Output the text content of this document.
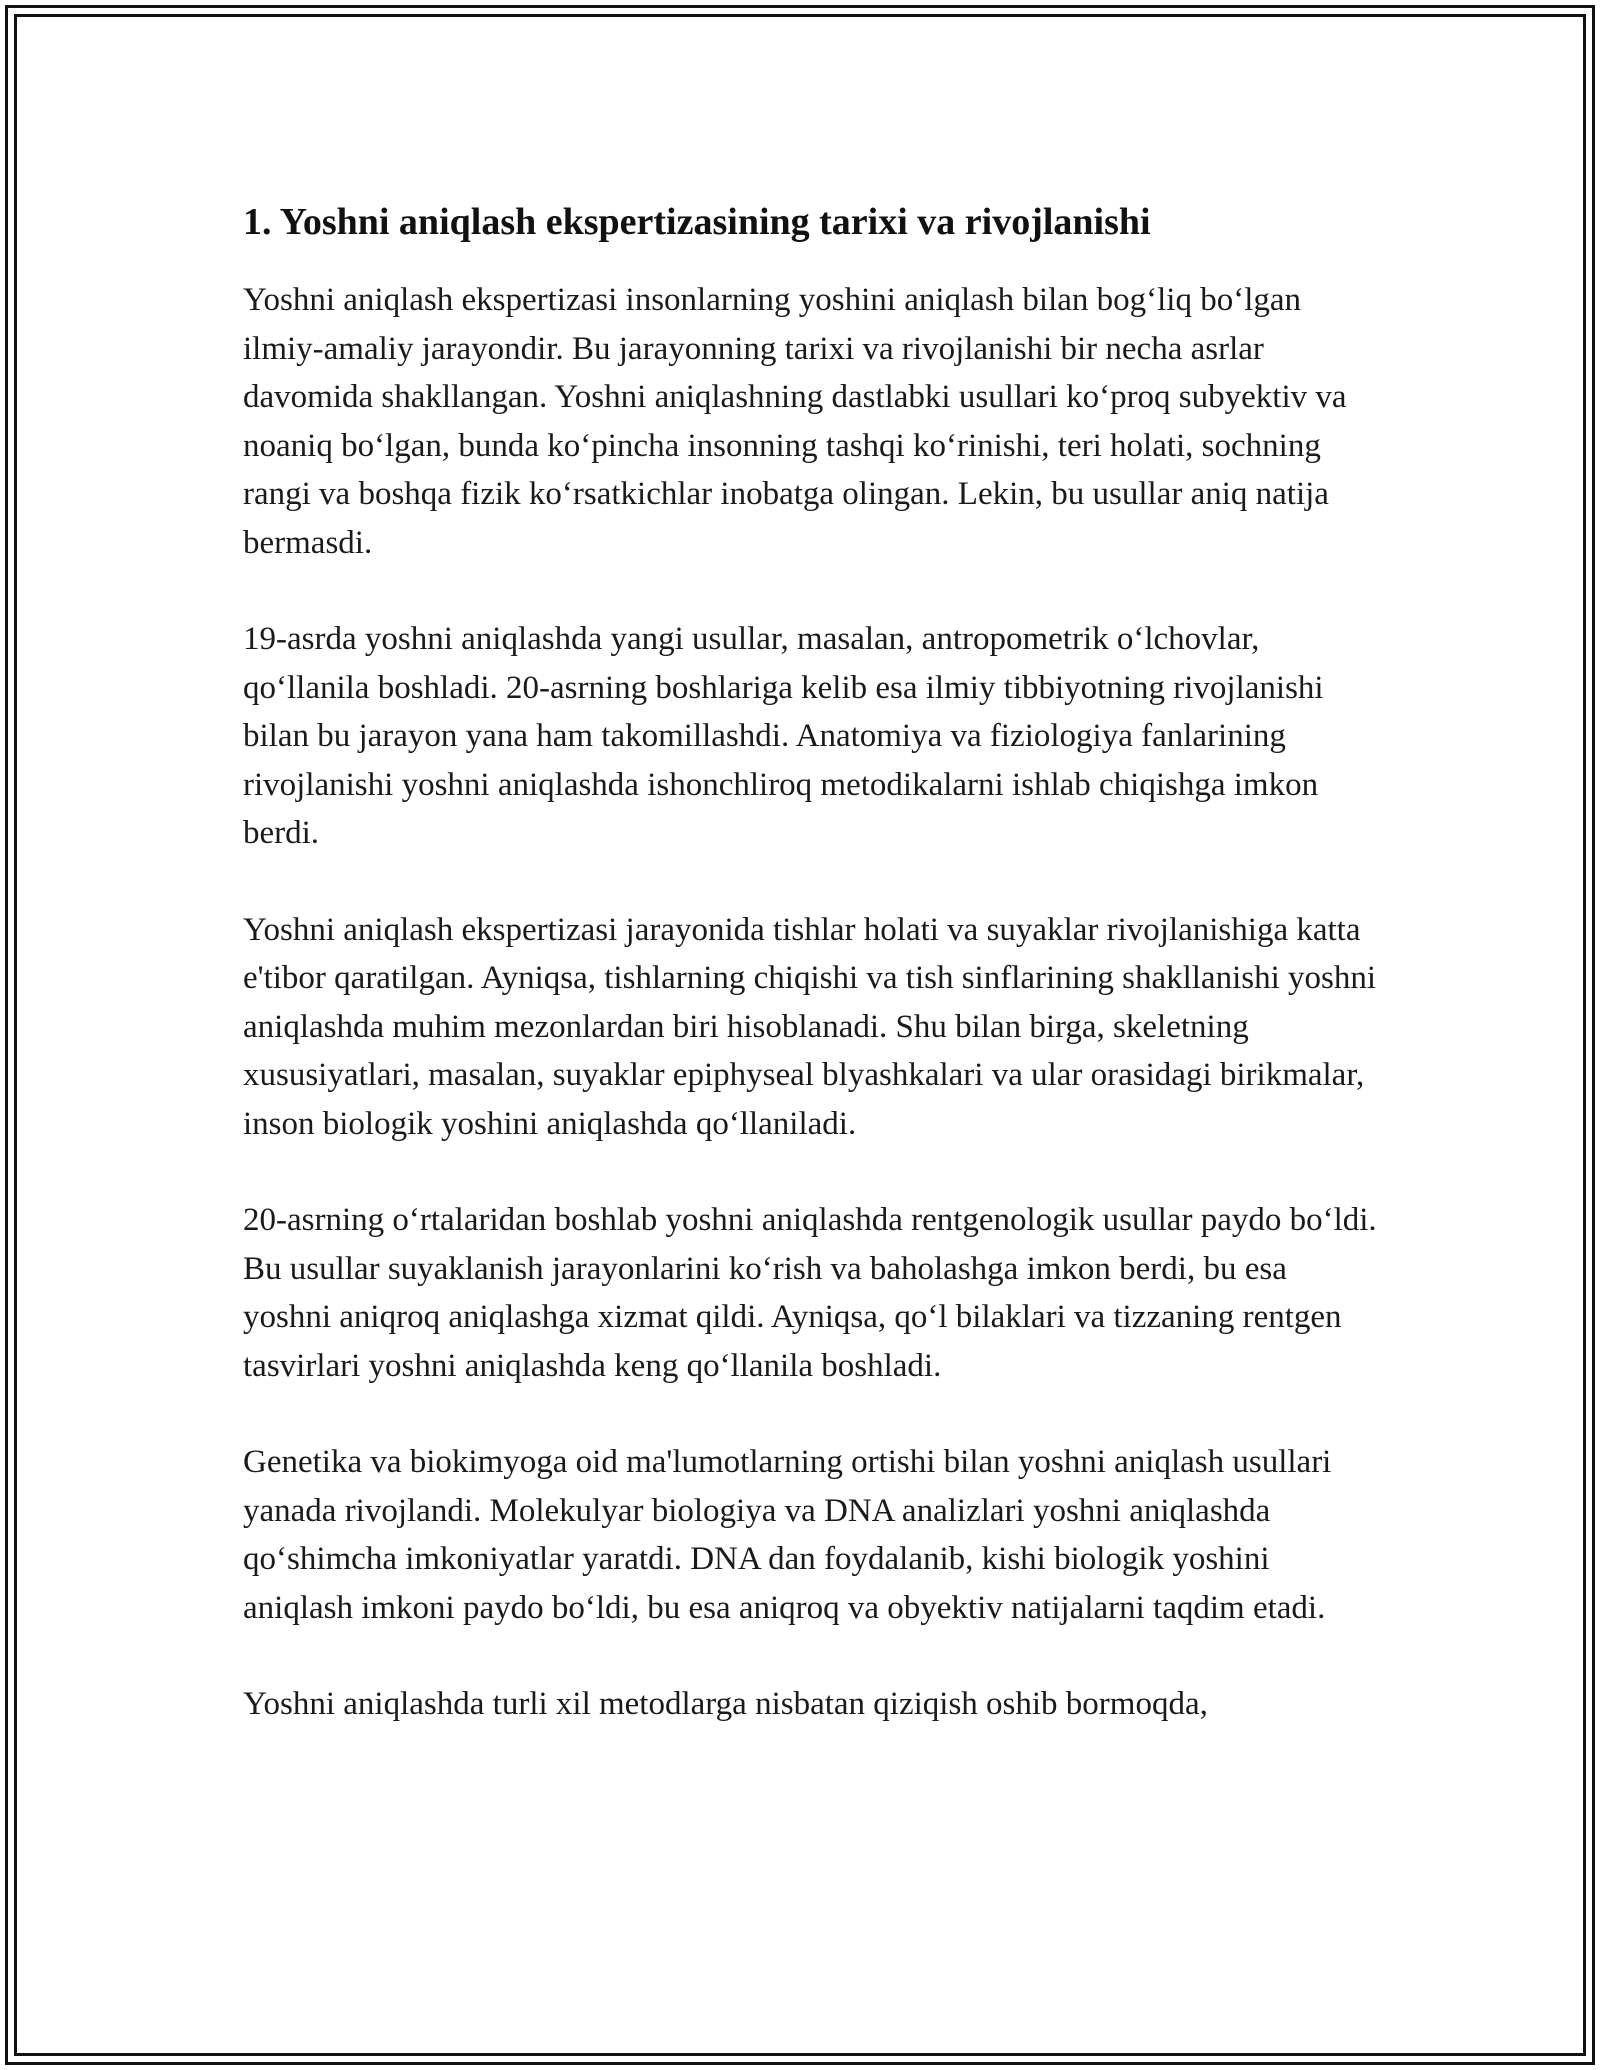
1. Yoshni aniqlash ekspertizasining tarixi va rivojlanishi

Yoshni aniqlash ekspertizasi insonlarning yoshini aniqlash bilan bog‘liq bo‘lgan ilmiy-amaliy jarayondir. Bu jarayonning tarixi va rivojlanishi bir necha asrlar davomida shakllangan. Yoshni aniqlashning dastlabki usullari ko‘proq subyektiv va noaniq bo‘lgan, bunda ko‘pincha insonning tashqi ko‘rinishi, teri holati, sochning rangi va boshqa fizik ko‘rsatkichlar inobatga olingan. Lekin, bu usullar aniq natija bermasdi.

19-asrda yoshni aniqlashda yangi usullar, masalan, antropometrik o‘lchovlar, qo‘llanila boshladi. 20-asrning boshlariga kelib esa ilmiy tibbiyotning rivojlanishi bilan bu jarayon yana ham takomillashdi. Anatomiya va fiziologiya fanlarining rivojlanishi yoshni aniqlashda ishonchliroq metodikalarni ishlab chiqishga imkon berdi.

Yoshni aniqlash ekspertizasi jarayonida tishlar holati va suyaklar rivojlanishiga katta e'tibor qaratilgan. Ayniqsa, tishlarning chiqishi va tish sinflarining shakllanishi yoshni aniqlashda muhim mezonlardan biri hisoblanadi. Shu bilan birga, skeletning xususiyatlari, masalan, suyaklar epiphyseal blyashkalari va ular orasidagi birikmalar, inson biologik yoshini aniqlashda qo‘llaniladi.

20-asrning o‘rtalaridan boshlab yoshni aniqlashda rentgenologik usullar paydo bo‘ldi. Bu usullar suyaklanish jarayonlarini ko‘rish va baholashga imkon berdi, bu esa yoshni aniqroq aniqlashga xizmat qildi. Ayniqsa, qo‘l bilaklari va tizzaning rentgen tasvirlari yoshni aniqlashda keng qo‘llanila boshladi.

Genetika va biokimyoga oid ma'lumotlarning ortishi bilan yoshni aniqlash usullari yanada rivojlandi. Molekulyar biologiya va DNA analizlari yoshni aniqlashda qo‘shimcha imkoniyatlar yaratdi. DNA dan foydalanib, kishi biologik yoshini aniqlash imkoni paydo bo‘ldi, bu esa aniqroq va obyektiv natijalarni taqdim etadi.

Yoshni aniqlashda turli xil metodlarga nisbatan qiziqish oshib bormoqda,
